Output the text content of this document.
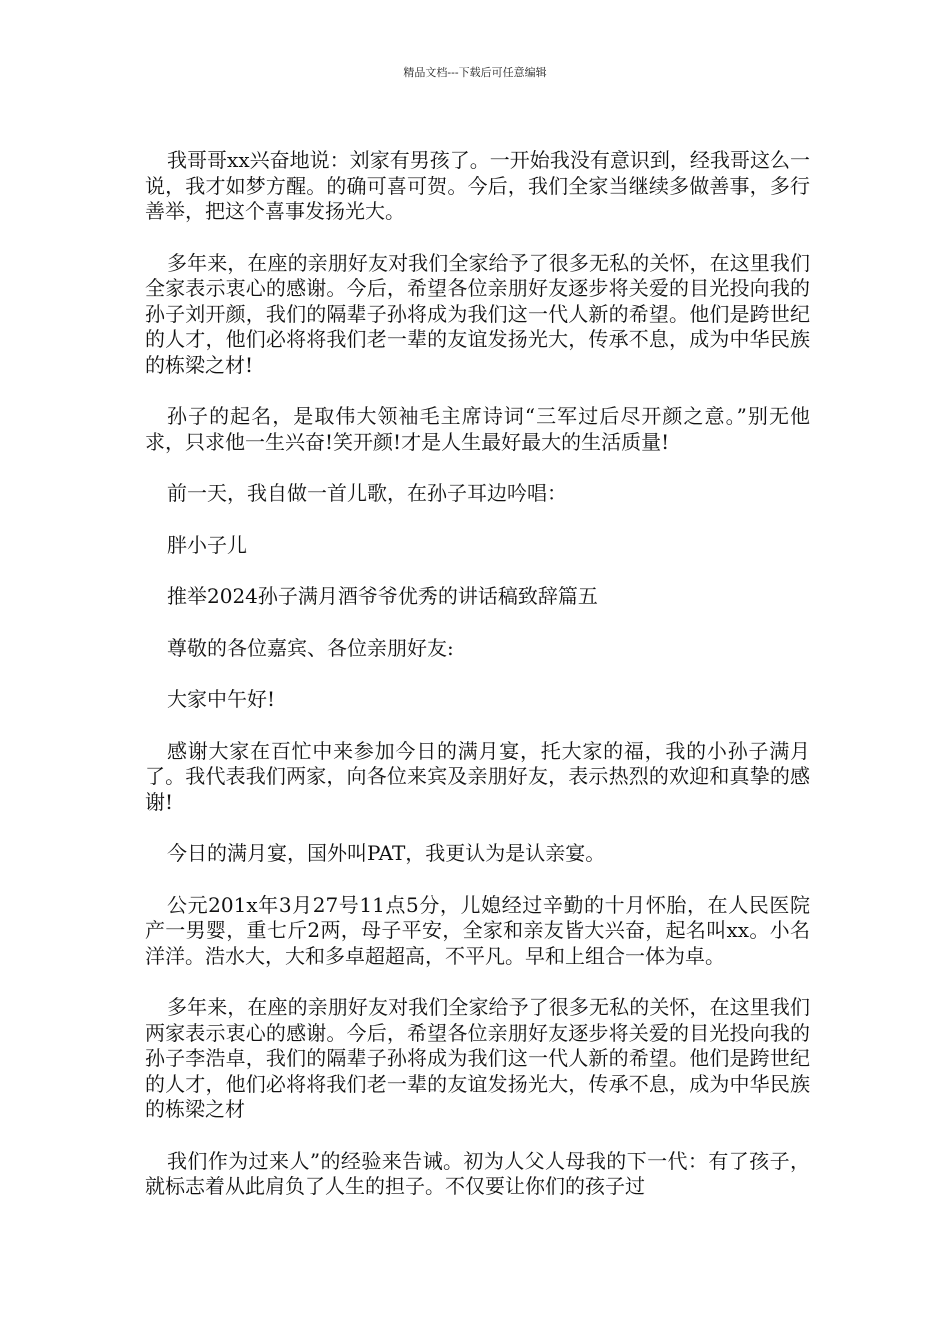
精品文档---下载后可任意编辑

我哥哥xx兴奋地说：刘家有男孩了。一开始我没有意识到，经我哥这么一说，我才如梦方醒。的确可喜可贺。今后，我们全家当继续多做善事，多行善举，把这个喜事发扬光大。

多年来，在座的亲朋好友对我们全家给予了很多无私的关怀，在这里我们全家表示衷心的感谢。今后，希望各位亲朋好友逐步将关爱的目光投向我的孙子刘开颜，我们的隔辈子孙将成为我们这一代人新的希望。他们是跨世纪的人才，他们必将将我们老一辈的友谊发扬光大，传承不息，成为中华民族的栋梁之材!

孙子的起名，是取伟大领袖毛主席诗词“三军过后尽开颜之意。”别无他求，只求他一生兴奋!笑开颜!才是人生最好最大的生活质量!

前一天，我自做一首儿歌，在孙子耳边吟唱：

胖小子儿

推举2024孙子满月酒爷爷优秀的讲话稿致辞篇五

尊敬的各位嘉宾、各位亲朋好友:

大家中午好!

感谢大家在百忙中来参加今日的满月宴，托大家的福，我的小孙子满月了。我代表我们两家，向各位来宾及亲朋好友，表示热烈的欢迎和真挚的感谢!

今日的满月宴，国外叫PAT，我更认为是认亲宴。

公元201x年3月27号11点5分，儿媳经过辛勤的十月怀胎，在人民医院产一男婴，重七斤2两，母子平安，全家和亲友皆大兴奋，起名叫xx。小名洋洋。浩水大，大和多卓超超高，不平凡。早和上组合一体为卓。

多年来，在座的亲朋好友对我们全家给予了很多无私的关怀，在这里我们两家表示衷心的感谢。今后，希望各位亲朋好友逐步将关爱的目光投向我的孙子李浩卓，我们的隔辈子孙将成为我们这一代人新的希望。他们是跨世纪的人才，他们必将将我们老一辈的友谊发扬光大，传承不息，成为中华民族的栋梁之材

我们作为过来人”的经验来告诫。初为人父人母我的下一代：有了孩子，就标志着从此肩负了人生的担子。不仅要让你们的孩子过
